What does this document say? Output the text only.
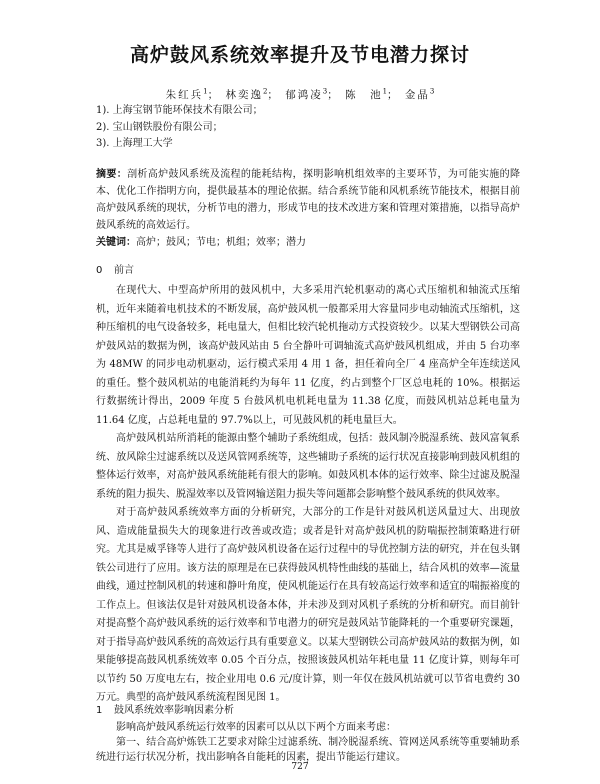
高炉鼓风系统效率提升及节电潜力探讨
朱红兵$^1$； 林奕逸$^2$； 郁鸿凌$^3$； 陈　池$^1$； 金晶$^3$
1). 上海宝钢节能环保技术有限公司；
2). 宝山钢铁股份有限公司；
3). 上海理工大学
摘要：剖析高炉鼓风系统及流程的能耗结构，探明影响机组效率的主要环节，为可能实施的降本、优化工作指明方向，提供最基本的理论依据。结合系统节能和风机系统节能技术，根据目前高炉鼓风系统的现状，分析节电的潜力，形成节电的技术改进方案和管理对策措施，以指导高炉鼓风系统的高效运行。
关键词：高炉；鼓风；节电；机组；效率；潜力
0 前言

在现代大、中型高炉所用的鼓风机中，大多采用汽轮机驱动的离心式压缩机和轴流式压缩机，近年来随着电机技术的不断发展，高炉鼓风机一般都采用大容量同步电动轴流式压缩机，这种压缩机的电气设备较多，耗电量大，但相比较汽轮机拖动方式投资较少。以某大型钢铁公司高炉鼓风站的数据为例，该高炉鼓风站由 5 台全静叶可调轴流式高炉鼓风机组成，并由 5 台功率为 48MW 的同步电动机驱动，运行模式采用 4 用 1 备，担任着向全厂 4 座高炉全年连续送风的重任。整个鼓风机站的电能消耗约为每年 11 亿度，约占到整个厂区总电耗的 10%。根据运行数据统计得出，2009 年度 5 台鼓风机电机耗电量为 11.38 亿度，而鼓风机站总耗电量为 11.64 亿度，占总耗电量的 97.7%以上，可见鼓风机的耗电量巨大。

高炉鼓风机站所消耗的能源由整个辅助子系统组成，包括：鼓风制冷脱湿系统、鼓风富氧系统、放风除尘过滤系统以及送风管网系统等，这些辅助子系统的运行状况直接影响到鼓风机组的整体运行效率，对高炉鼓风系统能耗有很大的影响。如鼓风机本体的运行效率、除尘过滤及脱湿系统的阻力损失、脱湿效率以及管网输送阻力损失等问题都会影响整个鼓风系统的供风效率。

对于高炉鼓风系统效率方面的分析研究，大部分的工作是针对鼓风机送风量过大、出现放风、造成能量损失大的现象进行改善或改造；或者是针对高炉鼓风机的防喘振控制策略进行研究。尤其是威孚锋等人进行了高炉鼓风机设备在运行过程中的导优控制方法的研究，并在包头钢铁公司进行了应用。该方法的原理是在已获得鼓风机特性曲线的基础上，结合风机的效率—流量曲线，通过控制风机的转速和静叶角度，使风机能运行在具有较高运行效率和适宜的喘振裕度的工作点上。但该法仅是针对鼓风机设备本体，并未涉及到对风机子系统的分析和研究。而目前针对提高整个高炉鼓风系统的运行效率和节电潜力的研究是鼓风站节能降耗的一个重要研究课题，对于指导高炉鼓风系统的高效运行具有重要意义。以某大型钢铁公司高炉鼓风站的数据为例，如果能够提高鼓风机系统效率 0.05 个百分点，按照该鼓风机站年耗电量 11 亿度计算，则每年可以节约 50 万度电左右，按企业用电 0.6 元/度计算，则一年仅在鼓风机站就可以节省电费约 30 万元。典型的高炉鼓风系统流程图见图 1。

1 鼓风系统效率影响因素分析

影响高炉鼓风系统运行效率的因素可以从以下两个方面来考虑：

第一、结合高炉炼铁工艺要求对除尘过滤系统、制冷脱湿系统、管网送风系统等重要辅助系统进行运行状况分析，找出影响各自能耗的因素，提出节能运行建议。

727
